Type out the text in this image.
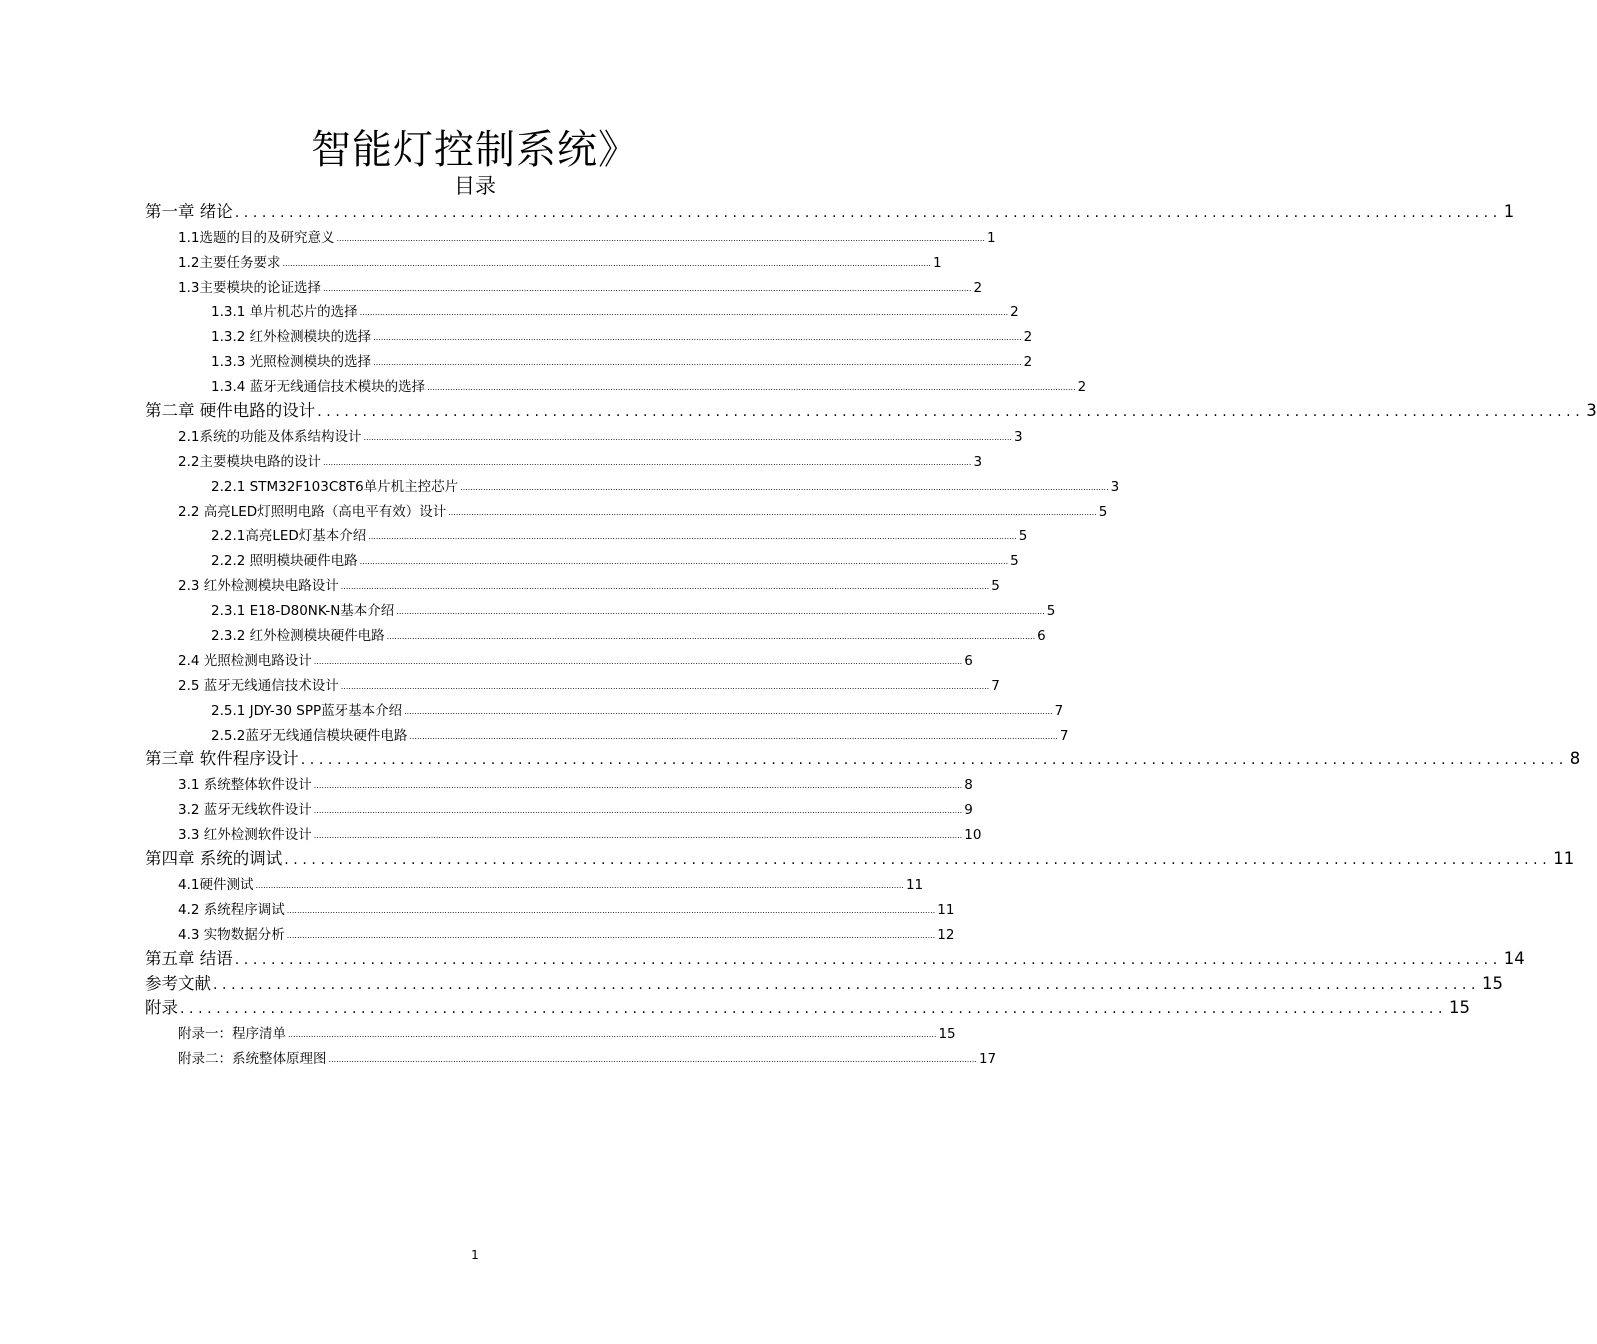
智能灯控制系统》
目录
第一章 绪论 ............................................................................................................................................ 1
1.1选题的目的及研究意义 ............................................................................................................................................................................................................................................................... 1
1.2主要任务要求 ............................................................................................................................................................................................................................................................... 1
1.3主要模块的论证选择 ............................................................................................................................................................................................................................................................... 2
1.3.1 单片机芯片的选择 ............................................................................................................................................................................................................................................................... 2
1.3.2 红外检测模块的选择 ............................................................................................................................................................................................................................................................... 2
1.3.3 光照检测模块的选择 ............................................................................................................................................................................................................................................................... 2
1.3.4 蓝牙无线通信技术模块的选择 ............................................................................................................................................................................................................................................................... 2
第二章 硬件电路的设计 ............................................................................................................................................ 3
2.1系统的功能及体系结构设计 ............................................................................................................................................................................................................................................................... 3
2.2主要模块电路的设计 ............................................................................................................................................................................................................................................................... 3
2.2.1 STM32F103C8T6单片机主控芯片 ............................................................................................................................................................................................................................................................... 3
2.2 高亮LED灯照明电路（高电平有效）设计 ............................................................................................................................................................................................................................................................... 5
2.2.1高亮LED灯基本介绍 ............................................................................................................................................................................................................................................................... 5
2.2.2 照明模块硬件电路 ............................................................................................................................................................................................................................................................... 5
2.3 红外检测模块电路设计 ............................................................................................................................................................................................................................................................... 5
2.3.1 E18-D80NK-N基本介绍 ............................................................................................................................................................................................................................................................... 5
2.3.2 红外检测模块硬件电路 ............................................................................................................................................................................................................................................................... 6
2.4 光照检测电路设计 ............................................................................................................................................................................................................................................................... 6
2.5 蓝牙无线通信技术设计 ............................................................................................................................................................................................................................................................... 7
2.5.1 JDY-30 SPP蓝牙基本介绍 ............................................................................................................................................................................................................................................................... 7
2.5.2蓝牙无线通信模块硬件电路 ............................................................................................................................................................................................................................................................... 7
第三章 软件程序设计 ............................................................................................................................................ 8
3.1 系统整体软件设计 ............................................................................................................................................................................................................................................................... 8
3.2 蓝牙无线软件设计 ............................................................................................................................................................................................................................................................... 9
3.3 红外检测软件设计 ............................................................................................................................................................................................................................................................... 10
第四章 系统的调试 ............................................................................................................................................ 11
4.1硬件测试 ............................................................................................................................................................................................................................................................... 11
4.2 系统程序调试 ............................................................................................................................................................................................................................................................... 11
4.3 实物数据分析 ............................................................................................................................................................................................................................................................... 12
第五章 结语 ............................................................................................................................................ 14
参考文献 ............................................................................................................................................ 15
附录 ............................................................................................................................................ 15
附录一：程序清单 ............................................................................................................................................................................................................................................................... 15
附录二：系统整体原理图 ............................................................................................................................................................................................................................................................... 17
1
